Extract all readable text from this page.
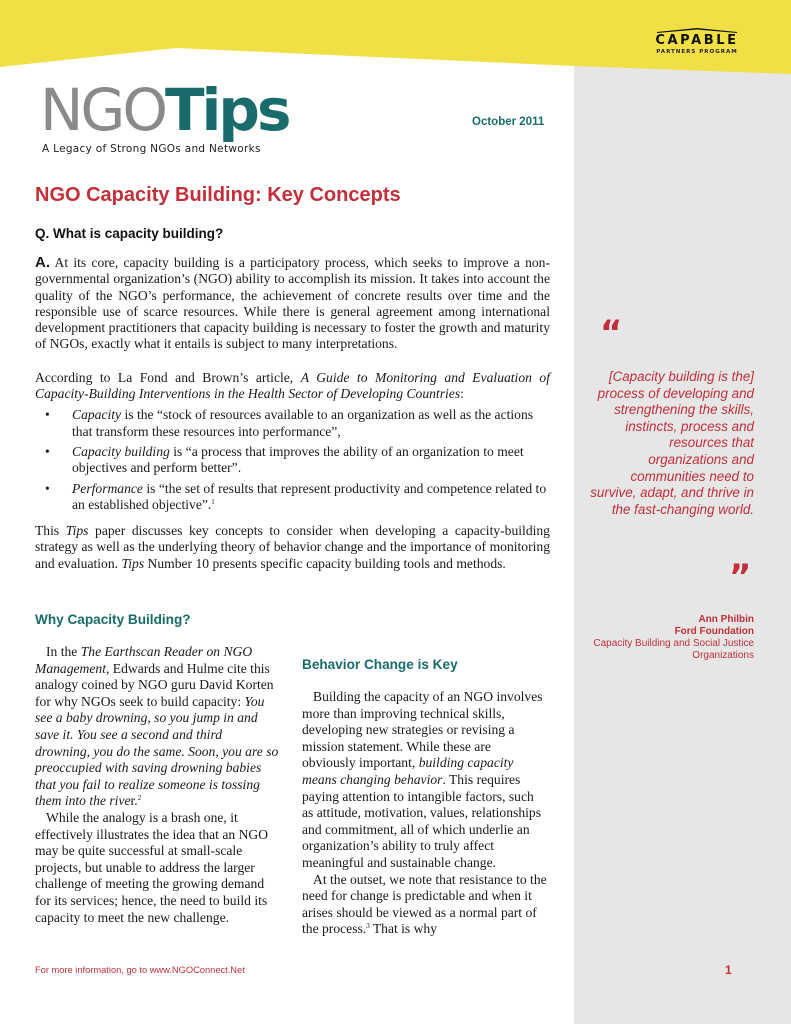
CAPABLE
PARTNERS PROGRAM
NGOTips
A Legacy of Strong NGOs and Networks
October 2011
NGO Capacity Building: Key Concepts
Q. What is capacity building?

A. At its core, capacity building is a participatory process, which seeks to improve a non-governmental organization’s (NGO) ability to accomplish its mission. It takes into account the quality of the NGO’s performance, the achievement of concrete results over time and the responsible use of scarce resources. While there is general agreement among international development practitioners that capacity building is necessary to foster the growth and maturity of NGOs, exactly what it entails is subject to many interpretations.

According to La Fond and Brown’s article, A Guide to Monitoring and Evaluation of Capacity-Building Interventions in the Health Sector of Developing Countries:

• Capacity is the “stock of resources available to an organization as well as the actions that transform these resources into performance”,
• Capacity building is “a process that improves the ability of an organization to meet objectives and perform better”.
• Performance is “the set of results that represent productivity and competence related to an established objective”.$^1$

This Tips paper discusses key concepts to consider when developing a capacity-building strategy as well as the underlying theory of behavior change and the importance of monitoring and evaluation. Tips Number 10 presents specific capacity building tools and methods.

Why Capacity Building?

In the The Earthscan Reader on NGO Management, Edwards and Hulme cite this analogy coined by NGO guru David Korten for why NGOs seek to build capacity: You see a baby drowning, so you jump in and save it. You see a second and third drowning, you do the same. Soon, you are so preoccupied with saving drowning babies that you fail to realize someone is tossing them into the river.$^2$

While the analogy is a brash one, it effectively illustrates the idea that an NGO may be quite successful at small-scale projects, but unable to address the larger challenge of meeting the growing demand for its services; hence, the need to build its capacity to meet the new challenge.

Behavior Change is Key

Building the capacity of an NGO involves more than improving technical skills, developing new strategies or revising a mission statement. While these are obviously important, building capacity means changing behavior. This requires paying attention to intangible factors, such as attitude, motivation, values, relationships and commitment, all of which underlie an organization’s ability to truly affect meaningful and sustainable change.

At the outset, we note that resistance to the need for change is predictable and when it arises should be viewed as a normal part of the process.$^3$ That is why

“
[Capacity building is the] process of developing and strengthening the skills, instincts, process and resources that organizations and communities need to survive, adapt, and thrive in the fast-changing world.
”
Ann Philbin
Ford Foundation
Capacity Building and Social Justice Organizations
For more information, go to www.NGOConnect.Net	1
